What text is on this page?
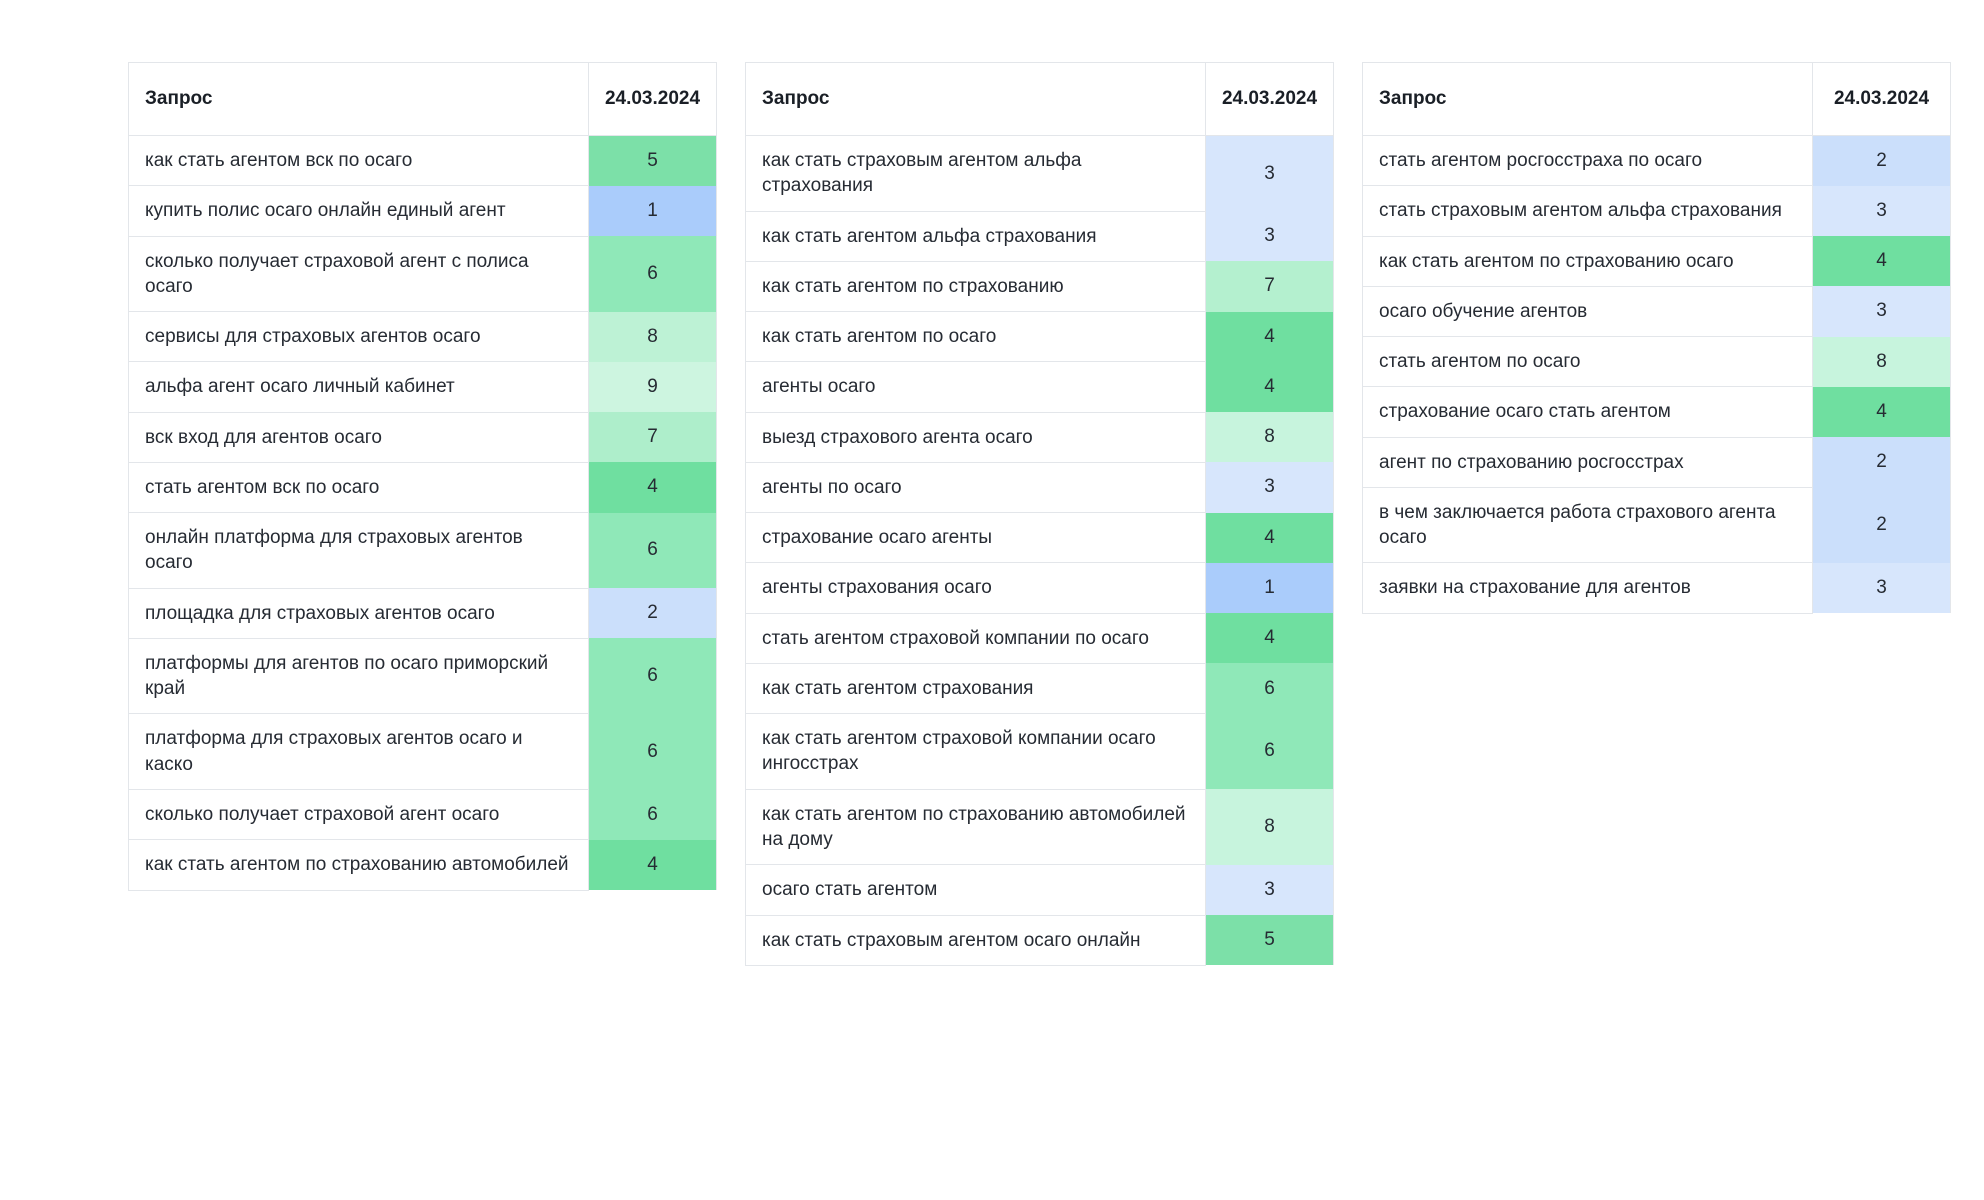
Запрос	24.03.2024
как стать агентом вск по осаго	5
купить полис осаго онлайн единый агент	1
сколько получает страховой агент с полиса осаго	6
сервисы для страховых агентов осаго	8
альфа агент осаго личный кабинет	9
вск вход для агентов осаго	7
стать агентом вск по осаго	4
онлайн платформа для страховых агентов осаго	6
площадка для страховых агентов осаго	2
платформы для агентов по осаго приморский край	6
платформа для страховых агентов осаго и каско	6
сколько получает страховой агент осаго	6
как стать агентом по страхованию автомобилей	4
Запрос	24.03.2024
как стать страховым агентом альфа страхования	3
как стать агентом альфа страхования	3
как стать агентом по страхованию	7
как стать агентом по осаго	4
агенты осаго	4
выезд страхового агента осаго	8
агенты по осаго	3
страхование осаго агенты	4
агенты страхования осаго	1
стать агентом страховой компании по осаго	4
как стать агентом страхования	6
как стать агентом страховой компании осаго ингосстрах	6
как стать агентом по страхованию автомобилей на дому	8
осаго стать агентом	3
как стать страховым агентом осаго онлайн	5
Запрос	24.03.2024
стать агентом росгосстраха по осаго	2
стать страховым агентом альфа страхования	3
как стать агентом по страхованию осаго	4
осаго обучение агентов	3
стать агентом по осаго	8
страхование осаго стать агентом	4
агент по страхованию росгосстрах	2
в чем заключается работа страхового агента осаго	2
заявки на страхование для агентов	3
